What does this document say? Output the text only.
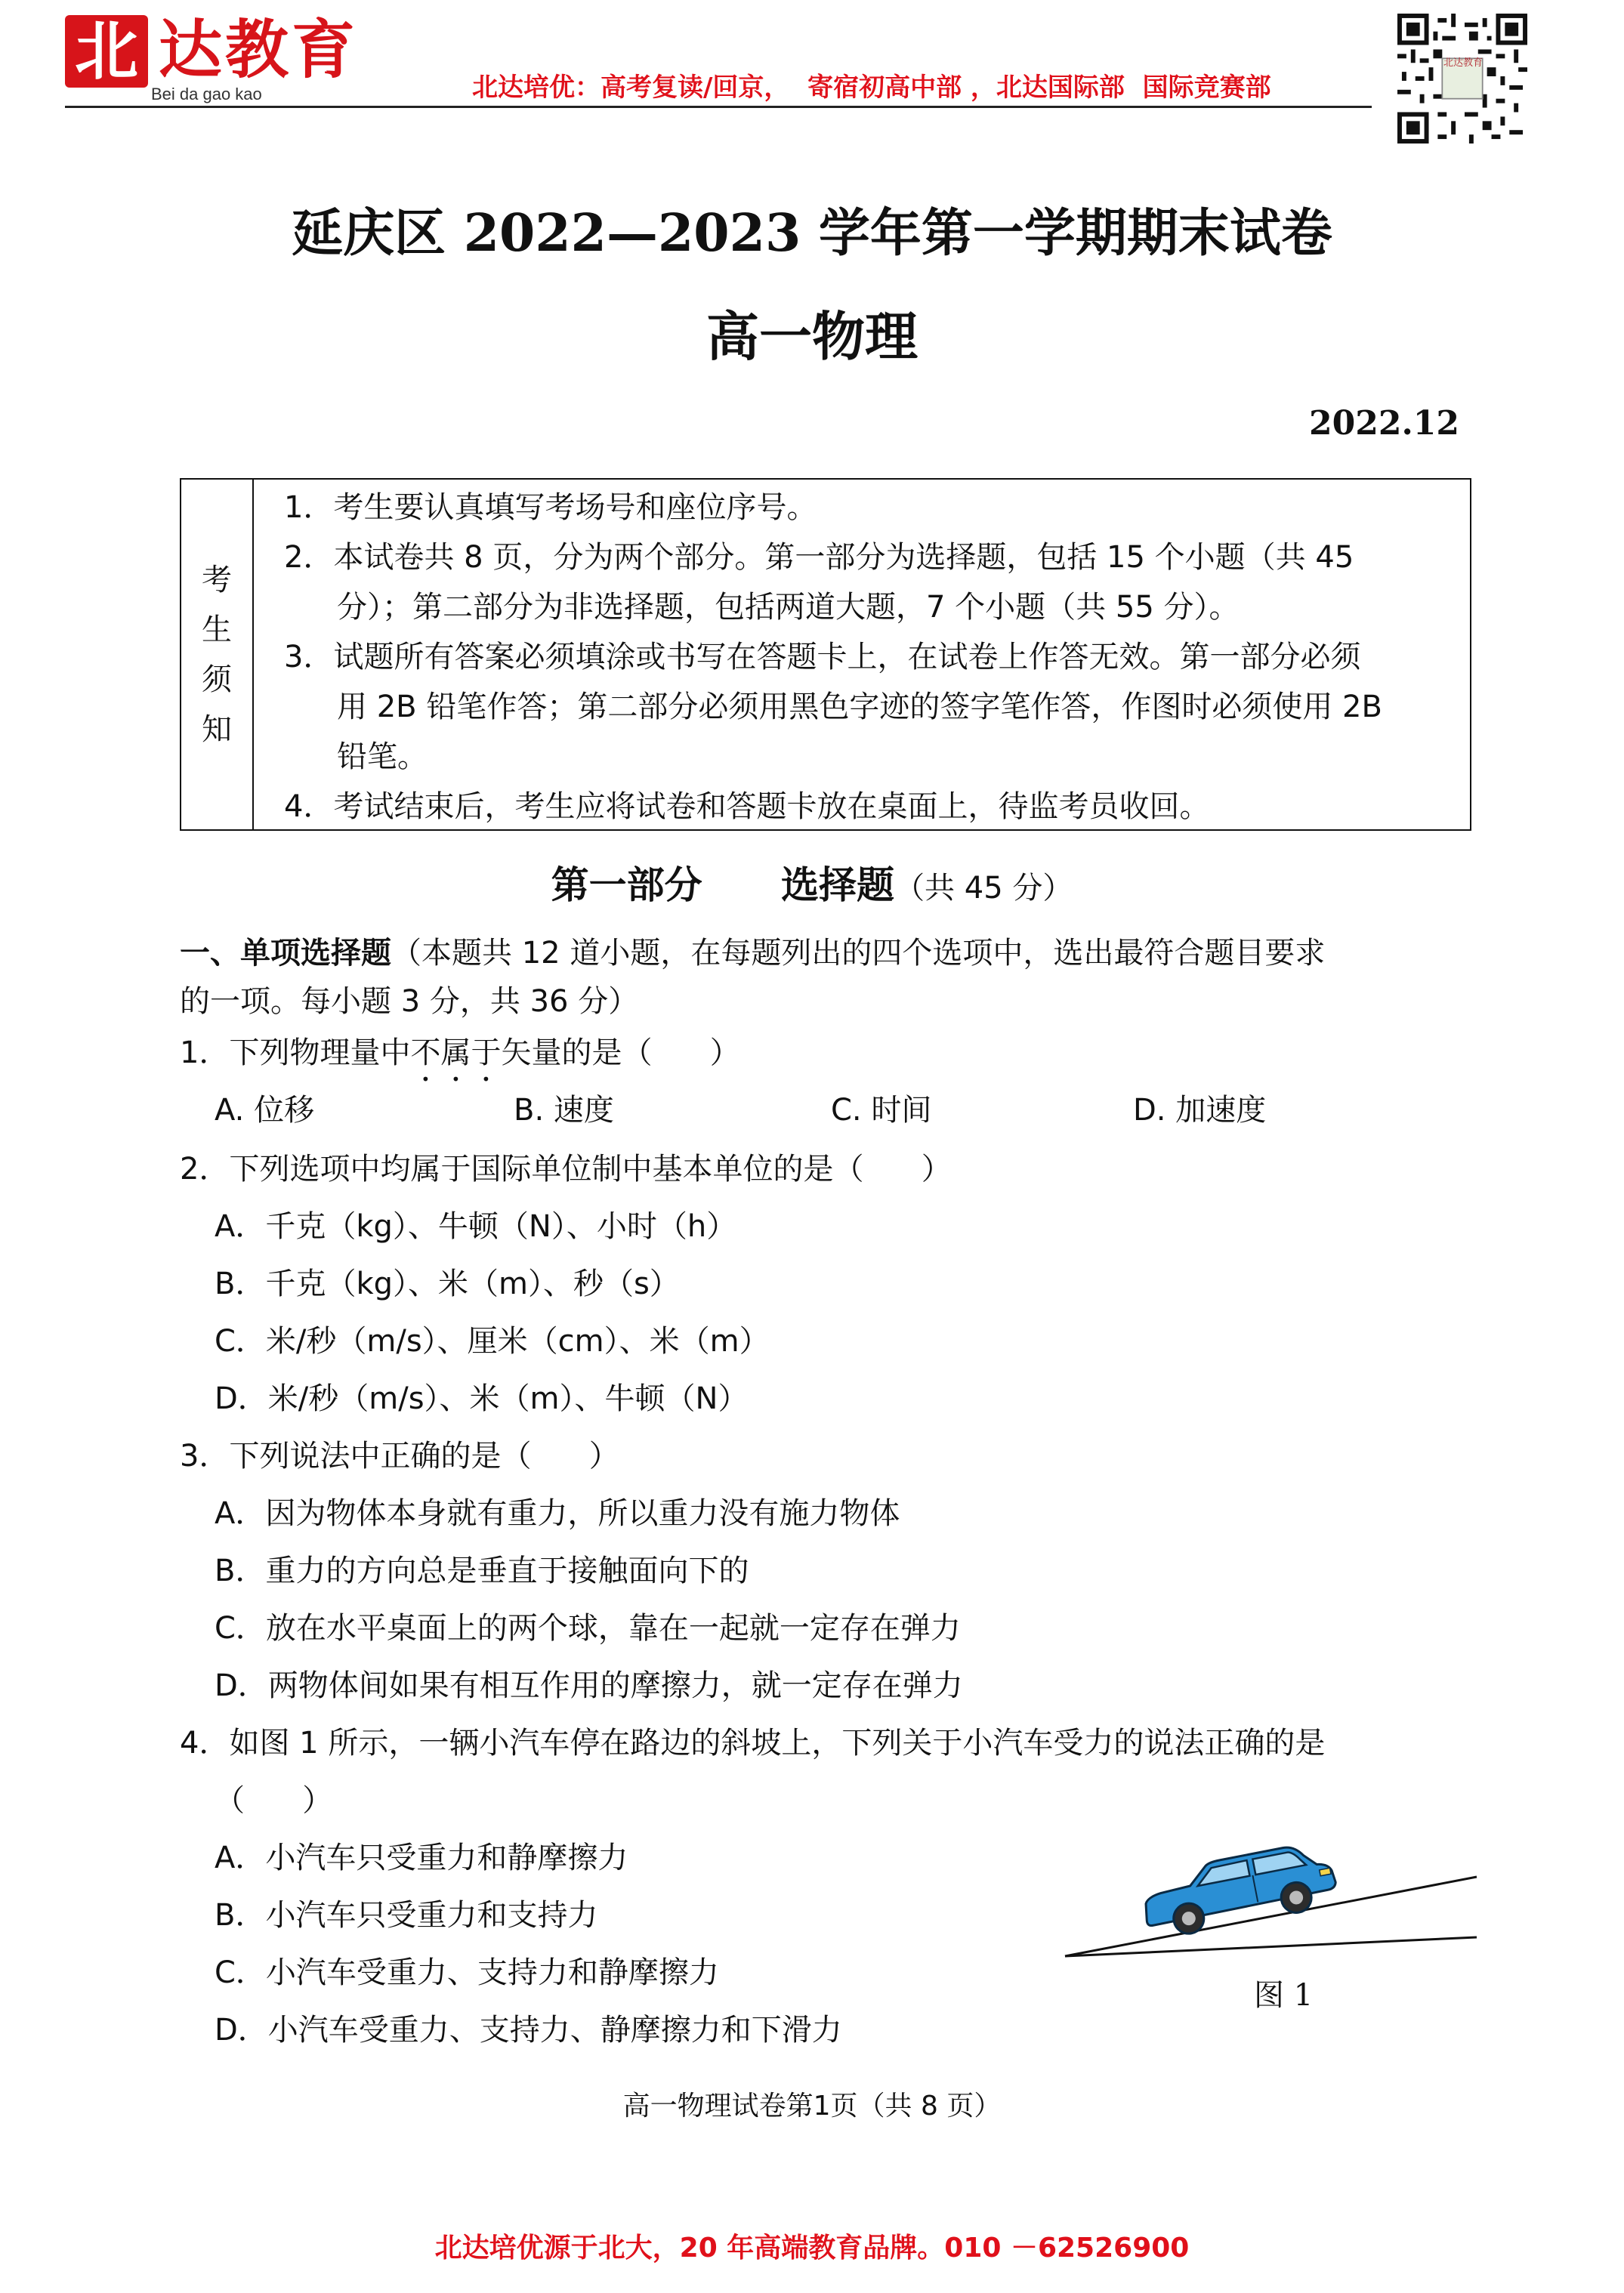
北 达教育
Bei da gao kao	北达培优：高考复读/回京，  寄宿初高中部 ，北达国际部  国际竞赛部
北达教育
延庆区 2022—2023 学年第一学期期末试卷
高一物理
2022.12
考
生
须
知
1．考生要认真填写考场号和座位序号。
2．本试卷共 8 页，分为两个部分。第一部分为选择题，包括 15 个小题（共 45
分）；第二部分为非选择题，包括两道大题，7 个小题（共 55 分）。
3．试题所有答案必须填涂或书写在答题卡上，在试卷上作答无效。第一部分必须
用 2B 铅笔作答；第二部分必须用黑色字迹的签字笔作答，作图时必须使用 2B
铅笔。
4．考试结束后，考生应将试卷和答题卡放在桌面上，待监考员收回。
第一部分      选择题（共 45 分）
一、单项选择题（本题共 12 道小题，在每题列出的四个选项中，选出最符合题目要求
的一项。每小题 3 分，共 36 分）
1．下列物理量中不属于矢量的是（      ）
A. 位移	B. 速度	C. 时间	D. 加速度
2．下列选项中均属于国际单位制中基本单位的是（      ）
A．千克（kg）、牛顿（N）、小时（h）
B．千克（kg）、米（m）、秒（s）
C．米/秒（m/s）、厘米（cm）、米（m）
D．米/秒（m/s）、米（m）、牛顿（N）
3．下列说法中正确的是（      ）
A．因为物体本身就有重力，所以重力没有施力物体
B．重力的方向总是垂直于接触面向下的
C．放在水平桌面上的两个球，靠在一起就一定存在弹力
D．两物体间如果有相互作用的摩擦力，就一定存在弹力
4．如图 1 所示，一辆小汽车停在路边的斜坡上，下列关于小汽车受力的说法正确的是
（      ）
A．小汽车只受重力和静摩擦力
B．小汽车只受重力和支持力
C．小汽车受重力、支持力和静摩擦力
D．小汽车受重力、支持力、静摩擦力和下滑力
图 1
高一物理试卷第1页（共 8 页）
北达培优源于北大，20 年高端教育品牌。010 －62526900
